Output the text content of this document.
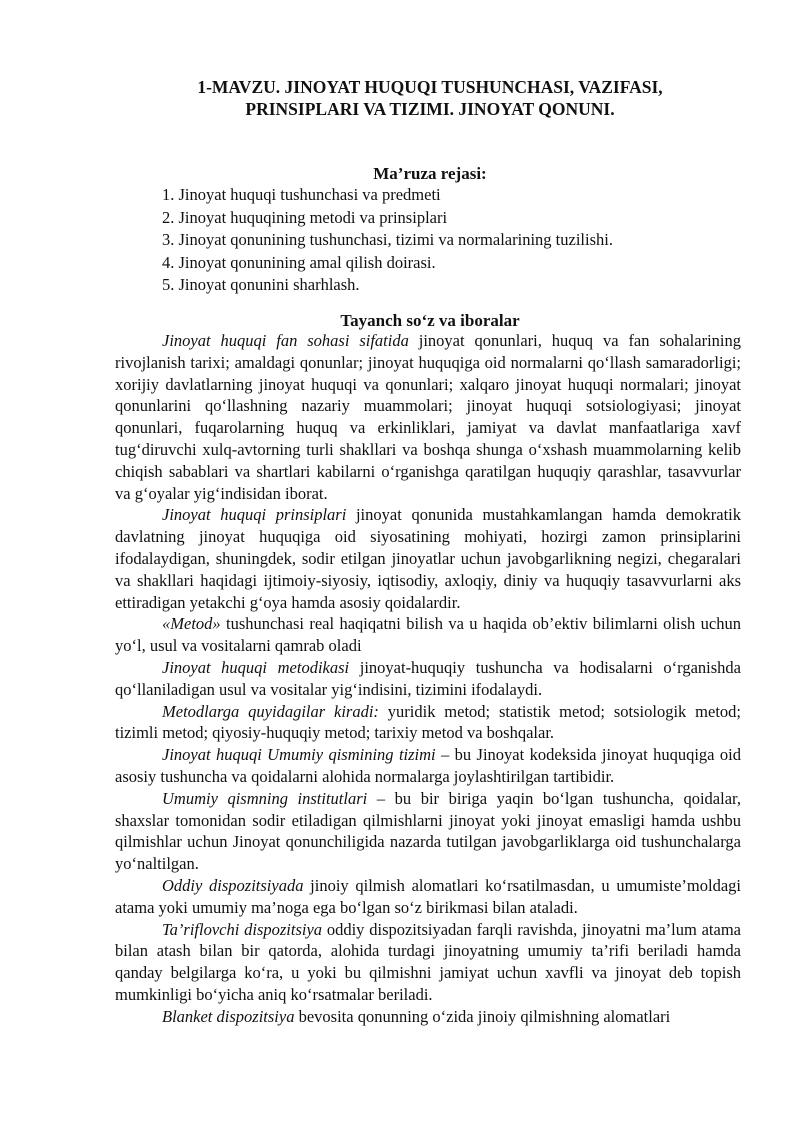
1-MAVZU. JINOYAT HUQUQI TUSHUNCHASI, VAZIFASI,
PRINSIPLARI VA TIZIMI. JINOYAT QONUNI.
Ma’ruza rejasi:
1. Jinoyat huquqi tushunchasi va predmeti
2. Jinoyat huquqining metodi va prinsiplari
3. Jinoyat qonunining tushunchasi, tizimi va normalarining tuzilishi.
4. Jinoyat qonunining amal qilish doirasi.
5. Jinoyat qonunini sharhlash.
Tayanch so‘z va iboralar

Jinoyat huquqi fan sohasi sifatida jinoyat qonunlari, huquq va fan sohalarining rivojlanish tarixi; amaldagi qonunlar; jinoyat huquqiga oid normalarni qo‘llash samaradorligi; xorijiy davlatlarning jinoyat huquqi va qonunlari; xalqaro jinoyat huquqi normalari; jinoyat qonunlarini qo‘llashning nazariy muammolari; jinoyat huquqi sotsiologiyasi; jinoyat qonunlari, fuqarolarning huquq va erkinliklari, jamiyat va davlat manfaatlariga xavf tug‘diruvchi xulq-avtorning turli shakllari va boshqa shunga o‘xshash muammolarning kelib chiqish sabablari va shartlari kabilarni o‘rganishga qaratilgan huquqiy qarashlar, tasavvurlar va g‘oyalar yig‘indisidan iborat.

Jinoyat huquqi prinsiplari jinoyat qonunida mustahkamlangan hamda demokratik davlatning jinoyat huquqiga oid siyosatining mohiyati, hozirgi zamon prinsiplarini ifodalaydigan, shuningdek, sodir etilgan jinoyatlar uchun javobgarlikning negizi, chegaralari va shakllari haqidagi ijtimoiy-siyosiy, iqtisodiy, axloqiy, diniy va huquqiy tasavvurlarni aks ettiradigan yetakchi g‘oya hamda asosiy qoidalardir.

«Metod» tushunchasi real haqiqatni bilish va u haqida ob’ektiv bilimlarni olish uchun yo‘l, usul va vositalarni qamrab oladi

Jinoyat huquqi metodikasi jinoyat-huquqiy tushuncha va hodisalarni o‘rganishda qo‘llaniladigan usul va vositalar yig‘indisini, tizimini ifodalaydi.

Metodlarga quyidagilar kiradi: yuridik metod; statistik metod; sotsiologik metod; tizimli metod; qiyosiy-huquqiy metod; tarixiy metod va boshqalar.

Jinoyat huquqi Umumiy qismining tizimi – bu Jinoyat kodeksida jinoyat huquqiga oid asosiy tushuncha va qoidalarni alohida normalarga joylashtirilgan tartibidir.

Umumiy qismning institutlari – bu bir biriga yaqin bo‘lgan tushuncha, qoidalar, shaxslar tomonidan sodir etiladigan qilmishlarni jinoyat yoki jinoyat emasligi hamda ushbu qilmishlar uchun Jinoyat qonunchiligida nazarda tutilgan javobgarliklarga oid tushunchalarga yo‘naltilgan.

Oddiy dispozitsiyada jinoiy qilmish alomatlari ko‘rsatilmasdan, u umumiste’moldagi atama yoki umumiy ma’noga ega bo‘lgan so‘z birikmasi bilan ataladi.

Ta’riflovchi dispozitsiya oddiy dispozitsiyadan farqli ravishda, jinoyatni ma’lum atama bilan atash bilan bir qatorda, alohida turdagi jinoyatning umumiy ta’rifi beriladi hamda qanday belgilarga ko‘ra, u yoki bu qilmishni jamiyat uchun xavfli va jinoyat deb topish mumkinligi bo‘yicha aniq ko‘rsatmalar beriladi.

Blanket dispozitsiya bevosita qonunning o‘zida jinoiy qilmishning alomatlari
